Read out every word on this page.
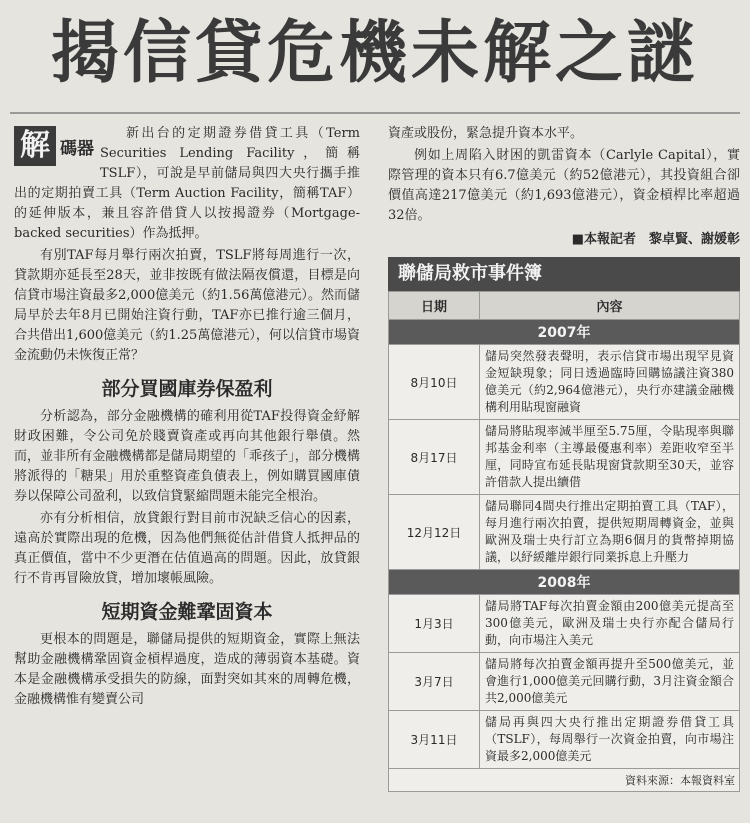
揭信貸危機未解之謎
解 碼器

新出台的定期證券借貸工具（Term Securities Lending Facility，簡稱TSLF），可說是早前儲局與四大央行攜手推出的定期拍賣工具（Term Auction Facility，簡稱TAF）的延伸版本，兼且容許借貸人以按揭證券（Mortgage-backed securities）作為抵押。

有別TAF每月舉行兩次拍賣，TSLF將每周進行一次，貸款期亦延長至28天，並非按既有做法隔夜償還，目標是向信貸市場注資最多2,000億美元（約1.56萬億港元）。然而儲局早於去年8月已開始注資行動，TAF亦已推行逾三個月，合共借出1,600億美元（約1.25萬億港元），何以信貸市場資金流動仍未恢復正常？

部分買國庫券保盈利

分析認為，部分金融機構的確利用從TAF投得資金紓解財政困難，令公司免於賤賣資產或再向其他銀行舉債。然而，並非所有金融機構都是儲局期望的「乖孩子」，部分機構將派得的「糖果」用於重整資產負債表上，例如購買國庫債券以保障公司盈利，以致信貸緊縮問題未能完全根治。

亦有分析相信，放貸銀行對目前市況缺乏信心的因素，遠高於實際出現的危機，因為他們無從估計借貸人抵押品的真正價值，當中不少更潛在估值過高的問題。因此，放貸銀行不肯再冒險放貸，增加壞帳風險。

短期資金難鞏固資本

更根本的問題是，聯儲局提供的短期資金，實際上無法幫助金融機構鞏固資金槓桿過度，造成的薄弱資本基礎。資本是金融機構承受損失的防線，面對突如其來的周轉危機，金融機構惟有變賣公司

資產或股份，緊急提升資本水平。

例如上周陷入財困的凱雷資本（Carlyle Capital），實際管理的資本只有6.7億美元（約52億港元），其投資組合卻價值高達217億美元（約1,693億港元），資金槓桿比率超過32倍。

■本報記者　黎卓賢、謝媛彰
聯儲局救市事件簿
日期	內容
2007年	
8月10日	儲局突然發表聲明，表示信貸市場出現罕見資金短缺現象；同日透過臨時回購協議注資380億美元（約2,964億港元），央行亦建議金融機構利用貼現窗融資
8月17日	儲局將貼現率減半厘至5.75厘，令貼現率與聯邦基金利率（主導最優惠利率）差距收窄至半厘，同時宣布延長貼現窗貸款期至30天，並容許借款人提出續借
12月12日	儲局聯同4間央行推出定期拍賣工具（TAF），每月進行兩次拍賣，提供短期周轉資金，並與歐洲及瑞士央行訂立為期6個月的貨幣掉期協議，以紓緩離岸銀行同業拆息上升壓力
2008年	
1月3日	儲局將TAF每次拍賣金額由200億美元提高至300億美元，歐洲及瑞士央行亦配合儲局行動，向市場注入美元
3月7日	儲局將每次拍賣金額再提升至500億美元，並會進行1,000億美元回購行動，3月注資金額合共2,000億美元
3月11日	儲局再與四大央行推出定期證券借貸工具（TSLF），每周舉行一次資金拍賣，向市場注資最多2,000億美元
資料來源：本報資料室
